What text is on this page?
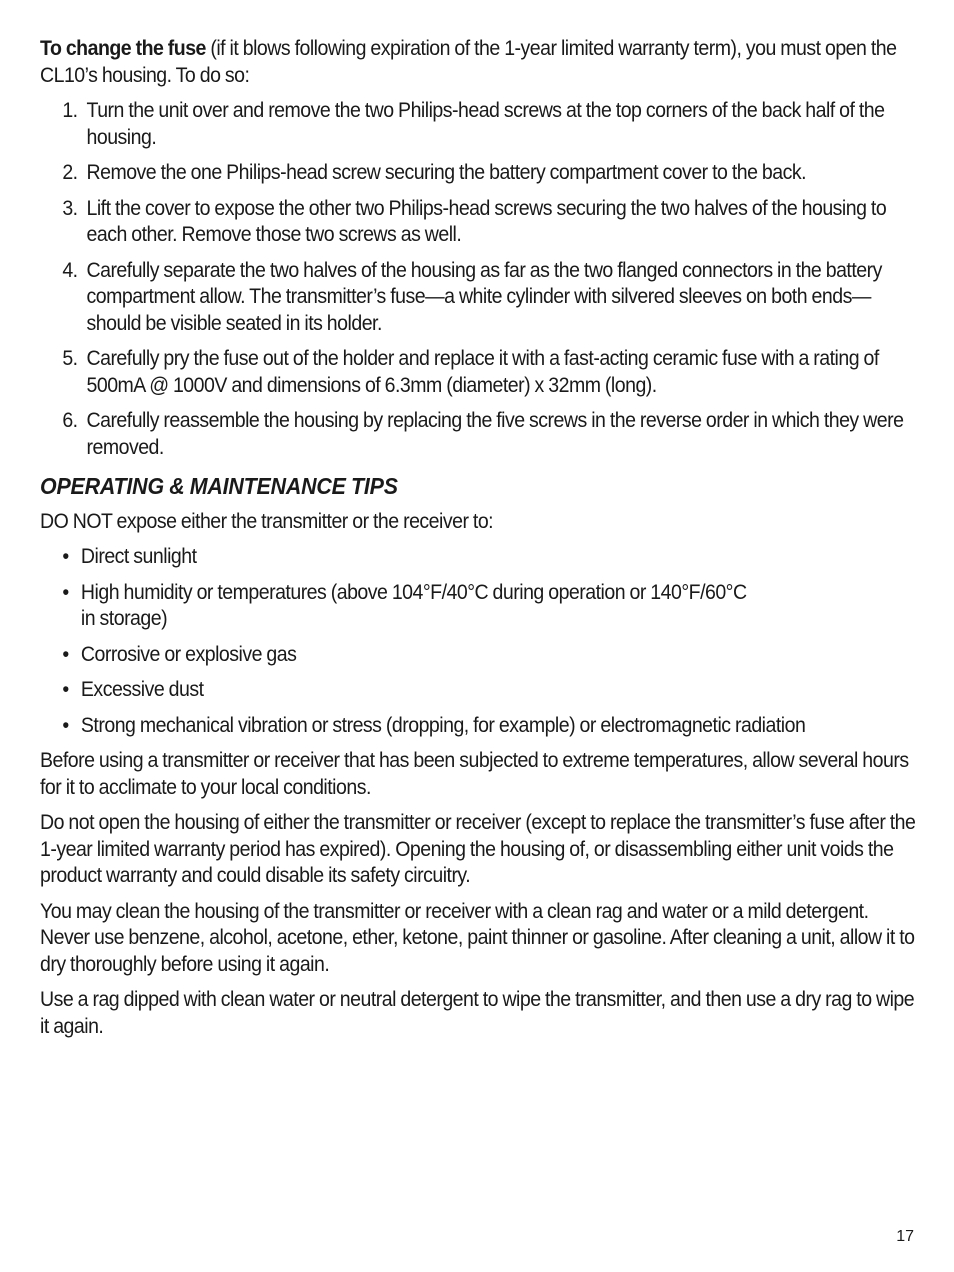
To change the fuse (if it blows following expiration of the 1-year limited warranty term), you must open the CL10’s housing. To do so:

1. Turn the unit over and remove the two Philips-head screws at the top corners of the back half of the housing.
2. Remove the one Philips-head screw securing the battery compartment cover to the back.
3. Lift the cover to expose the other two Philips-head screws securing the two halves of the housing to each other. Remove those two screws as well.
4. Carefully separate the two halves of the housing as far as the two flanged connectors in the battery compartment allow. The transmitter’s fuse—a white cylinder with silvered sleeves on both ends—should be visible seated in its holder.
5. Carefully pry the fuse out of the holder and replace it with a fast-acting ceramic fuse with a rating of 500mA @ 1000V and dimensions of 6.3mm (diameter) x 32mm (long).
6. Carefully reassemble the housing by replacing the five screws in the reverse order in which they were removed.
OPERATING & MAINTENANCE TIPS

DO NOT expose either the transmitter or the receiver to:

• Direct sunlight
• High humidity or temperatures (above 104°F/40°C during operation or 140°F/60°C
in storage)
• Corrosive or explosive gas
• Excessive dust
• Strong mechanical vibration or stress (dropping, for example) or electromagnetic radiation

Before using a transmitter or receiver that has been subjected to extreme temperatures, allow several hours for it to acclimate to your local conditions.

Do not open the housing of either the transmitter or receiver (except to replace the transmitter’s fuse after the 1-year limited warranty period has expired). Opening the housing of, or disassembling either unit voids the product warranty and could disable its safety circuitry.

You may clean the housing of the transmitter or receiver with a clean rag and water or a mild detergent. Never use benzene, alcohol, acetone, ether, ketone, paint thinner or gasoline. After cleaning a unit, allow it to dry thoroughly before using it again.

Use a rag dipped with clean water or neutral detergent to wipe the transmitter, and then use a dry rag to wipe it again.

17
